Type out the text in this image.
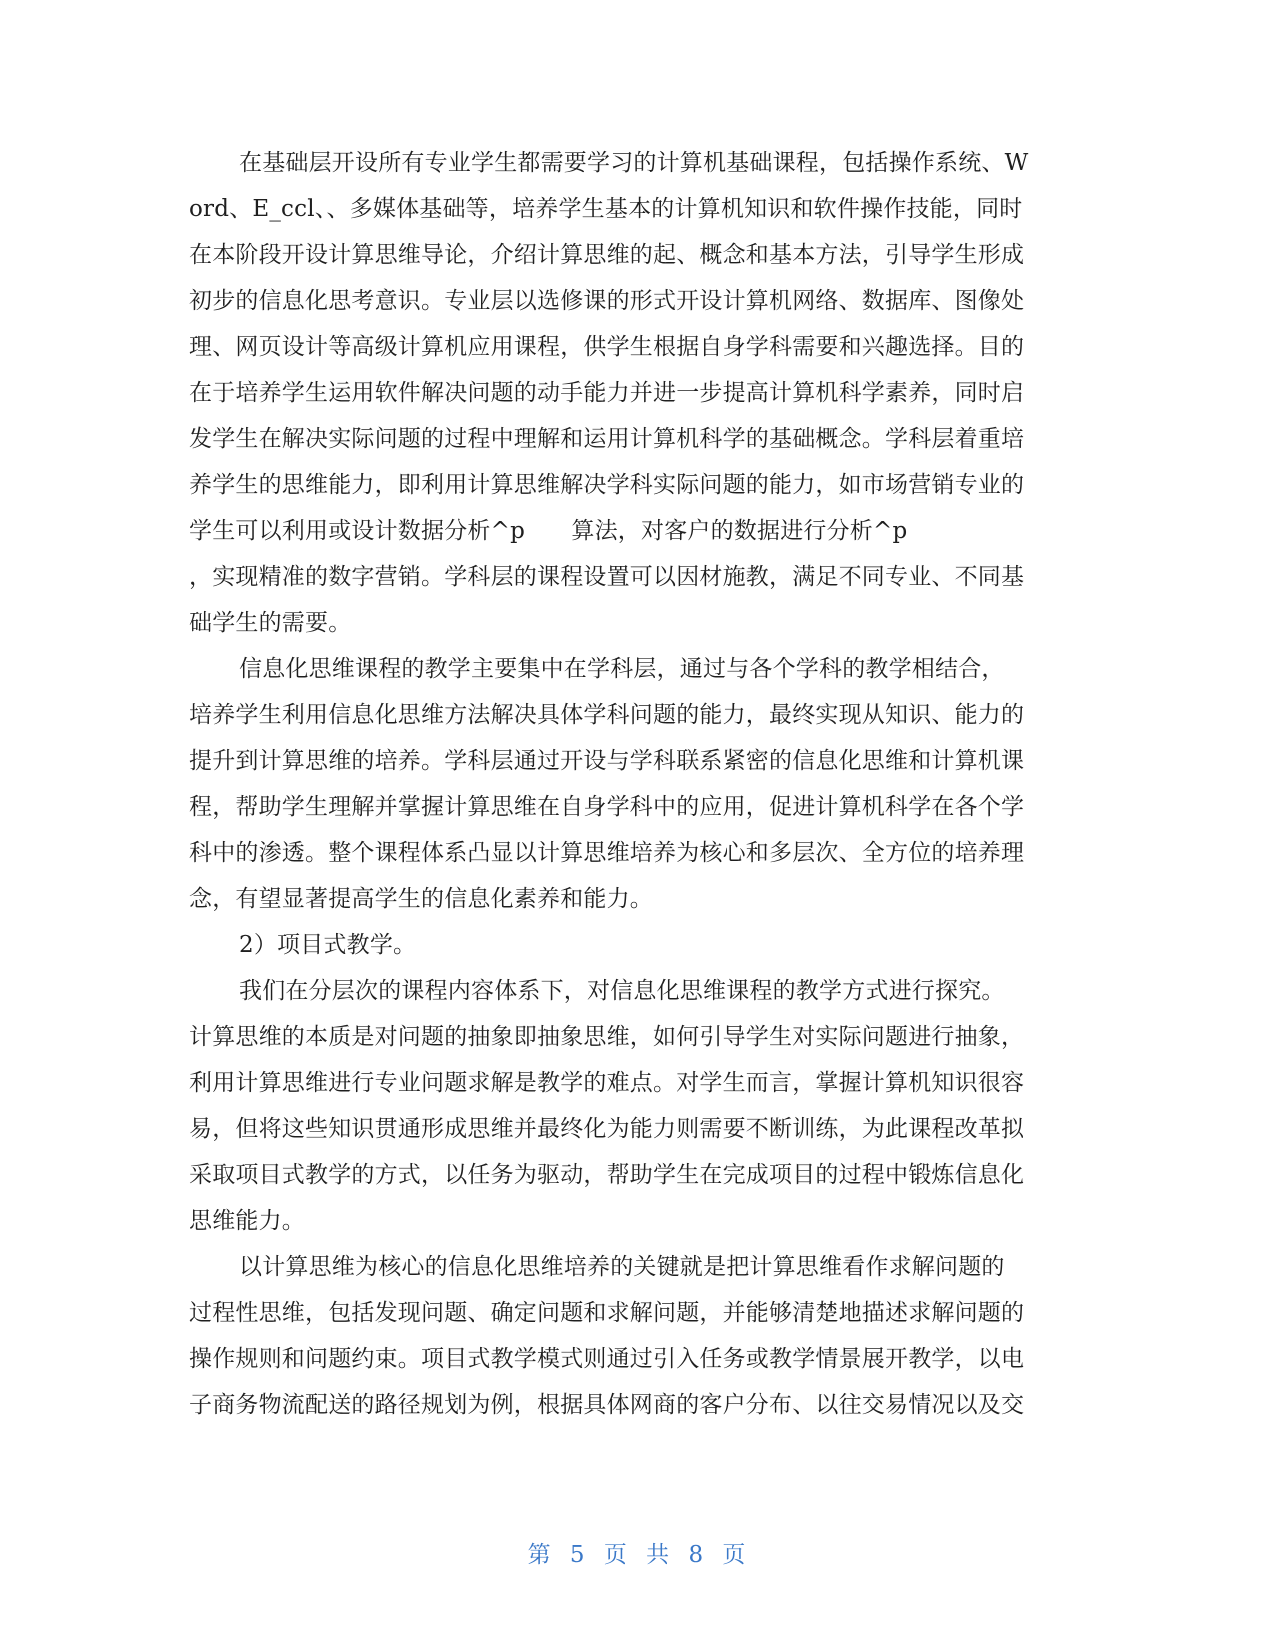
在基础层开设所有专业学生都需要学习的计算机基础课程，包括操作系统、W
ord、E_ccl、、多媒体基础等，培养学生基本的计算机知识和软件操作技能，同时
在本阶段开设计算思维导论，介绍计算思维的起、概念和基本方法，引导学生形成
初步的信息化思考意识。专业层以选修课的形式开设计算机网络、数据库、图像处
理、网页设计等高级计算机应用课程，供学生根据自身学科需要和兴趣选择。目的
在于培养学生运用软件解决问题的动手能力并进一步提高计算机科学素养，同时启
发学生在解决实际问题的过程中理解和运用计算机科学的基础概念。学科层着重培
养学生的思维能力，即利用计算思维解决学科实际问题的能力，如市场营销专业的
学生可以利用或设计数据分析^p　　算法，对客户的数据进行分析^p
，实现精准的数字营销。学科层的课程设置可以因材施教，满足不同专业、不同基
础学生的需要。
信息化思维课程的教学主要集中在学科层，通过与各个学科的教学相结合，
培养学生利用信息化思维方法解决具体学科问题的能力，最终实现从知识、能力的
提升到计算思维的培养。学科层通过开设与学科联系紧密的信息化思维和计算机课
程，帮助学生理解并掌握计算思维在自身学科中的应用，促进计算机科学在各个学
科中的渗透。整个课程体系凸显以计算思维培养为核心和多层次、全方位的培养理
念，有望显著提高学生的信息化素养和能力。
2）项目式教学。
我们在分层次的课程内容体系下，对信息化思维课程的教学方式进行探究。
计算思维的本质是对问题的抽象即抽象思维，如何引导学生对实际问题进行抽象，
利用计算思维进行专业问题求解是教学的难点。对学生而言，掌握计算机知识很容
易，但将这些知识贯通形成思维并最终化为能力则需要不断训练，为此课程改革拟
采取项目式教学的方式，以任务为驱动，帮助学生在完成项目的过程中锻炼信息化
思维能力。
以计算思维为核心的信息化思维培养的关键就是把计算思维看作求解问题的
过程性思维，包括发现问题、确定问题和求解问题，并能够清楚地描述求解问题的
操作规则和问题约束。项目式教学模式则通过引入任务或教学情景展开教学，以电
子商务物流配送的路径规划为例，根据具体网商的客户分布、以往交易情况以及交
第 5 页 共 8 页
